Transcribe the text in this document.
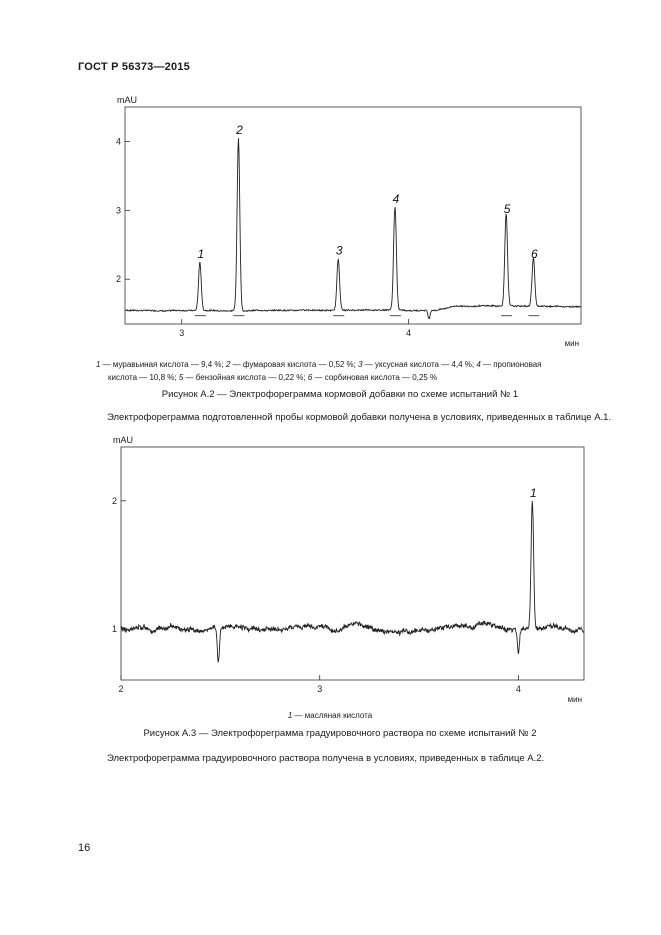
ГОСТ Р 56373—2015
mAU
мин
2
3
4
3	4
1
2
3
4
5
6
1 — муравьиная кислота — 9,4 %; 2 — фумаровая кислота — 0,52 %; 3 — уксусная кислота — 4,4 %; 4 — пропионовая
кислота — 10,8 %; 5 — бензойная кислота — 0,22 %; 6 — сорбиновая кислота — 0,25 %
Рисунок А.2 — Электрофореграмма кормовой добавки по схеме испытаний № 1
Электрофореграмма подготовленной пробы кормовой добавки получена в условиях, приведенных в таблице А.1.
mAU
мин
1
2
2	3	4
1
1 — масляная кислота
Рисунок А.3 — Электрофореграмма градуировочного раствора по схеме испытаний № 2
Электрофореграмма градуировочного раствора получена в условиях, приведенных в таблице А.2.
16
